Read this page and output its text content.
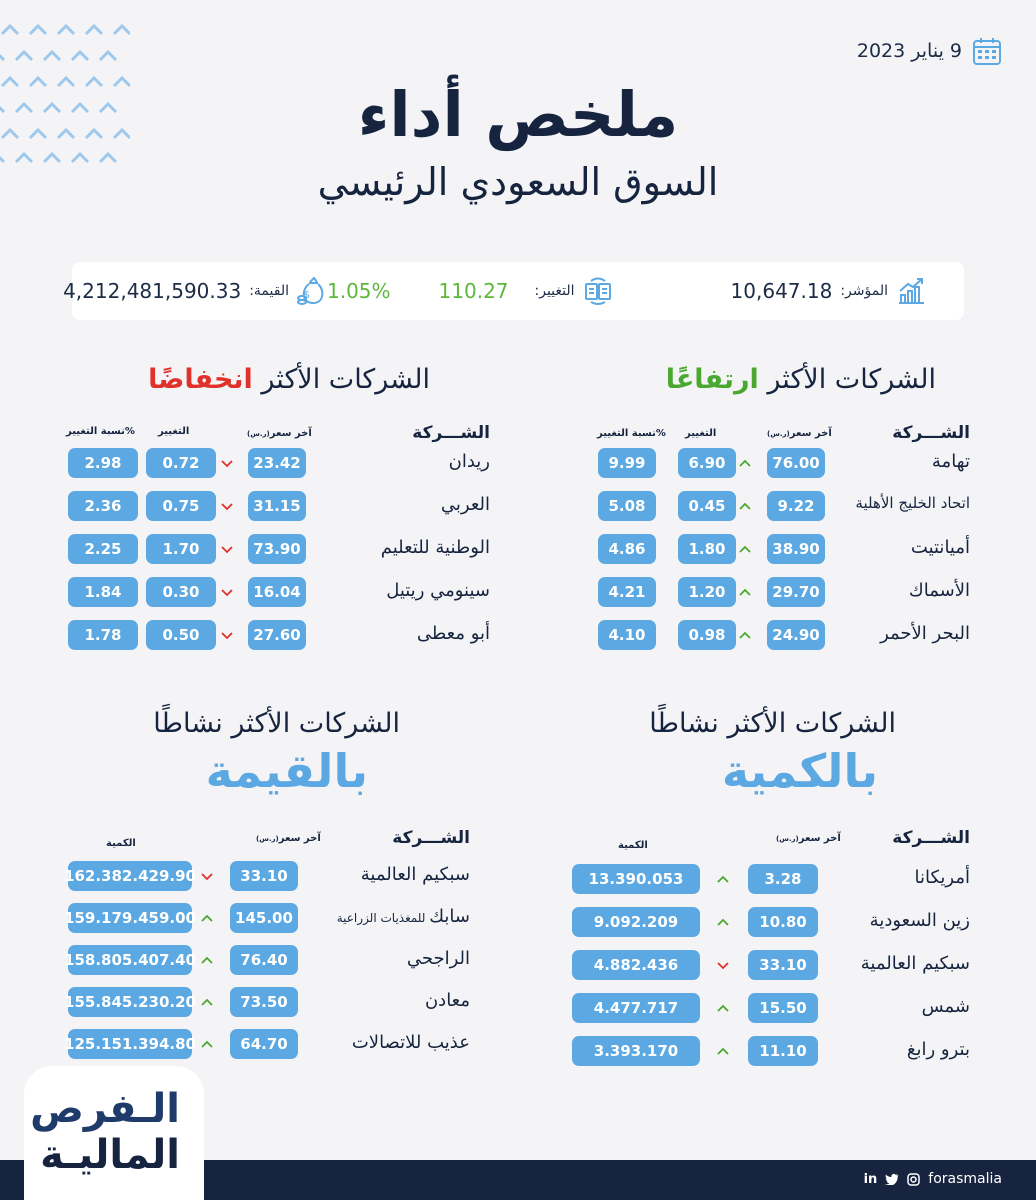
9 يناير 2023
ملخص أداء
السوق السعودي الرئيسي
المؤشر:
10,647.18
التغيير:
110.27
1.05%
$
القيمة:
4,212,481,590.33
الشركات الأكثر ارتفاعًا
الشـــركة
آخر سعر(ر.س)
التغيير
نسبة التغيير%
تهامة
76.00
6.90
9.99
اتحاد الخليج الأهلية
9.22
0.45
5.08
أميانتيت
38.90
1.80
4.86
الأسماك
29.70
1.20
4.21
البحر الأحمر
24.90
0.98
4.10
الشركات الأكثر انخفاضًا
الشـــركة
آخر سعر(ر.س)
التغيير
نسبة التغيير%
ريدان
23.42
0.72
2.98
العربي
31.15
0.75
2.36
الوطنية للتعليم
73.90
1.70
2.25
سينومي ريتيل
16.04
0.30
1.84
أبو معطى
27.60
0.50
1.78
الشركات الأكثر نشاطًا
بالكمية
الشـــركة
آخر سعر(ر.س)
الكمية
أمريكانا
3.28
13.390.053
زين السعودية
10.80
9.092.209
سبكيم العالمية
33.10
4.882.436
شمس
15.50
4.477.717
بترو رابغ
11.10
3.393.170
الشركات الأكثر نشاطًا
بالقيمة
الشـــركة
آخر سعر(ر.س)
الكمية
سبكيم العالمية
33.10
162.382.429.90
سابك للمغذيات الزراعية
145.00
159.179.459.00
الراجحي
76.40
158.805.407.40
معادن
73.50
155.845.230.20
عذيب للاتصالات
64.70
125.151.394.80
in	forasmalia
الـفرص
الماليـة
